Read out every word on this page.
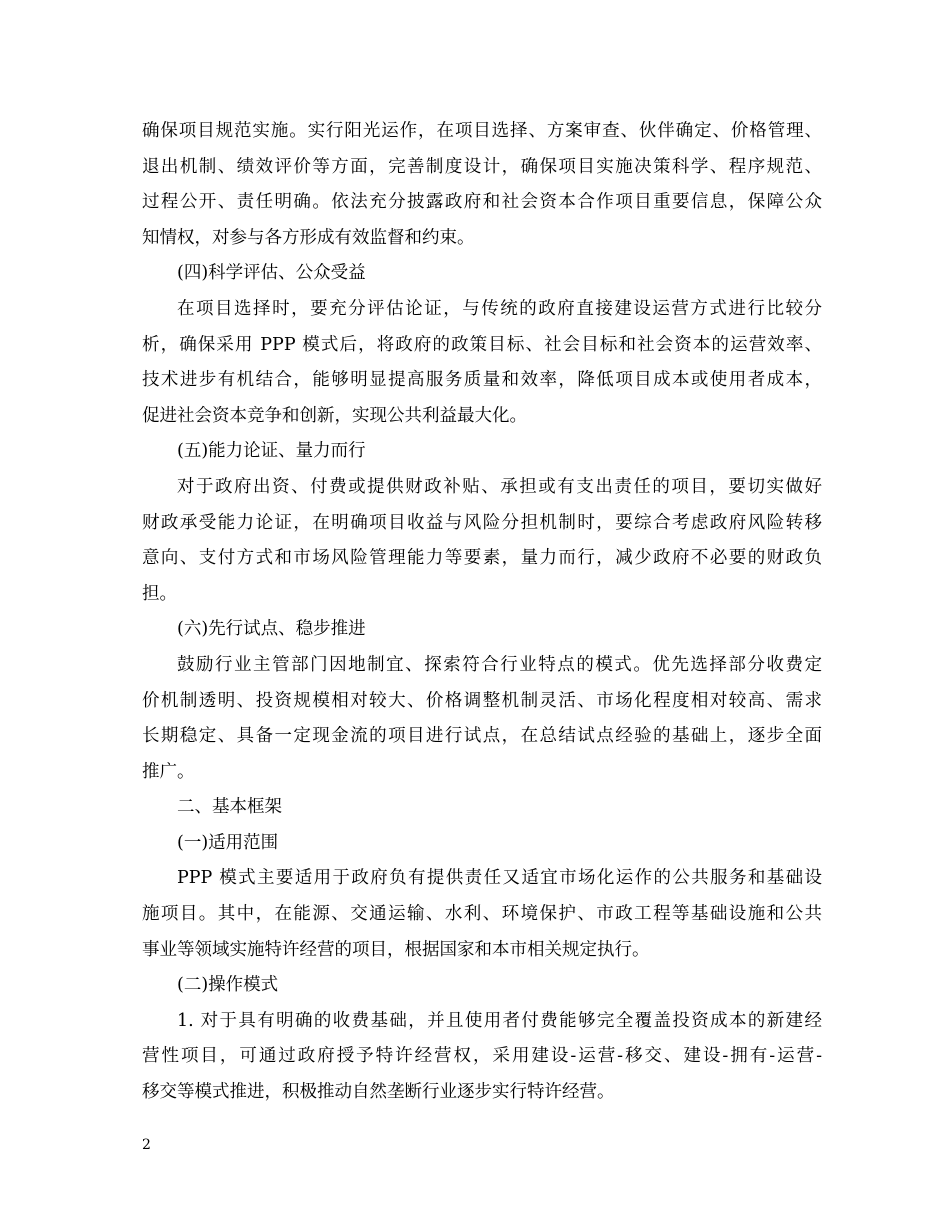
确保项目规范实施。实行阳光运作，在项目选择、方案审查、伙伴确定、价格管理、
退出机制、绩效评价等方面，完善制度设计，确保项目实施决策科学、程序规范、
过程公开、责任明确。依法充分披露政府和社会资本合作项目重要信息，保障公众
知情权，对参与各方形成有效监督和约束。
(四)科学评估、公众受益
在项目选择时，要充分评估论证，与传统的政府直接建设运营方式进行比较分
析，确保采用 PPP 模式后，将政府的政策目标、社会目标和社会资本的运营效率、
技术进步有机结合，能够明显提高服务质量和效率，降低项目成本或使用者成本，
促进社会资本竞争和创新，实现公共利益最大化。
(五)能力论证、量力而行
对于政府出资、付费或提供财政补贴、承担或有支出责任的项目，要切实做好
财政承受能力论证，在明确项目收益与风险分担机制时，要综合考虑政府风险转移
意向、支付方式和市场风险管理能力等要素，量力而行，减少政府不必要的财政负
担。
(六)先行试点、稳步推进
鼓励行业主管部门因地制宜、探索符合行业特点的模式。优先选择部分收费定
价机制透明、投资规模相对较大、价格调整机制灵活、市场化程度相对较高、需求
长期稳定、具备一定现金流的项目进行试点，在总结试点经验的基础上，逐步全面
推广。
二、基本框架
(一)适用范围
PPP 模式主要适用于政府负有提供责任又适宜市场化运作的公共服务和基础设
施项目。其中，在能源、交通运输、水利、环境保护、市政工程等基础设施和公共
事业等领域实施特许经营的项目，根据国家和本市相关规定执行。
(二)操作模式
1. 对于具有明确的收费基础，并且使用者付费能够完全覆盖投资成本的新建经
营性项目，可通过政府授予特许经营权，采用建设-运营-移交、建设-拥有-运营-
移交等模式推进，积极推动自然垄断行业逐步实行特许经营。
2
